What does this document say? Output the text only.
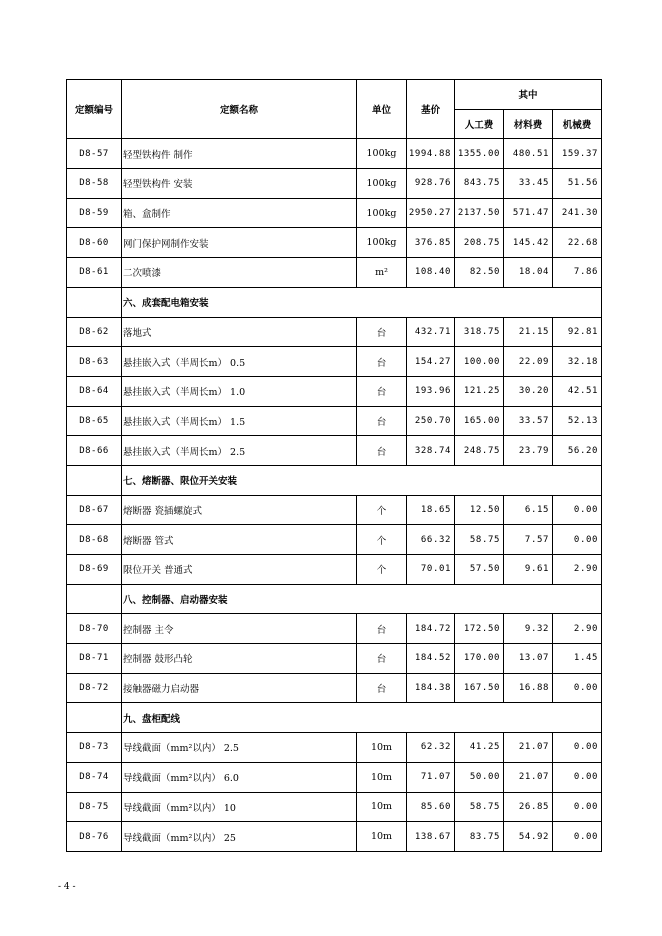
定额编号	定额名称	单位	基价	其中		
				人工费	材料费	机械费
D8-57	轻型铁构件 制作	100kg	1994.88	1355.00	480.51	159.37
D8-58	轻型铁构件 安装	100kg	928.76	843.75	33.45	51.56
D8-59	箱、盒制作	100kg	2950.27	2137.50	571.47	241.30
D8-60	网门保护网制作安装	100kg	376.85	208.75	145.42	22.68
D8-61	二次喷漆	m²	108.40	82.50	18.04	7.86
	六、成套配电箱安装					
D8-62	落地式	台	432.71	318.75	21.15	92.81
D8-63	悬挂嵌入式（半周长m） 0.5	台	154.27	100.00	22.09	32.18
D8-64	悬挂嵌入式（半周长m） 1.0	台	193.96	121.25	30.20	42.51
D8-65	悬挂嵌入式（半周长m） 1.5	台	250.70	165.00	33.57	52.13
D8-66	悬挂嵌入式（半周长m） 2.5	台	328.74	248.75	23.79	56.20
	七、熔断器、限位开关安装					
D8-67	熔断器 瓷插螺旋式	个	18.65	12.50	6.15	0.00
D8-68	熔断器 管式	个	66.32	58.75	7.57	0.00
D8-69	限位开关 普通式	个	70.01	57.50	9.61	2.90
	八、控制器、启动器安装					
D8-70	控制器 主令	台	184.72	172.50	9.32	2.90
D8-71	控制器 鼓形凸轮	台	184.52	170.00	13.07	1.45
D8-72	接触器磁力启动器	台	184.38	167.50	16.88	0.00
	九、盘柜配线					
D8-73	导线截面（mm²以内） 2.5	10m	62.32	41.25	21.07	0.00
D8-74	导线截面（mm²以内） 6.0	10m	71.07	50.00	21.07	0.00
D8-75	导线截面（mm²以内） 10	10m	85.60	58.75	26.85	0.00
D8-76	导线截面（mm²以内） 25	10m	138.67	83.75	54.92	0.00
- 4 -
